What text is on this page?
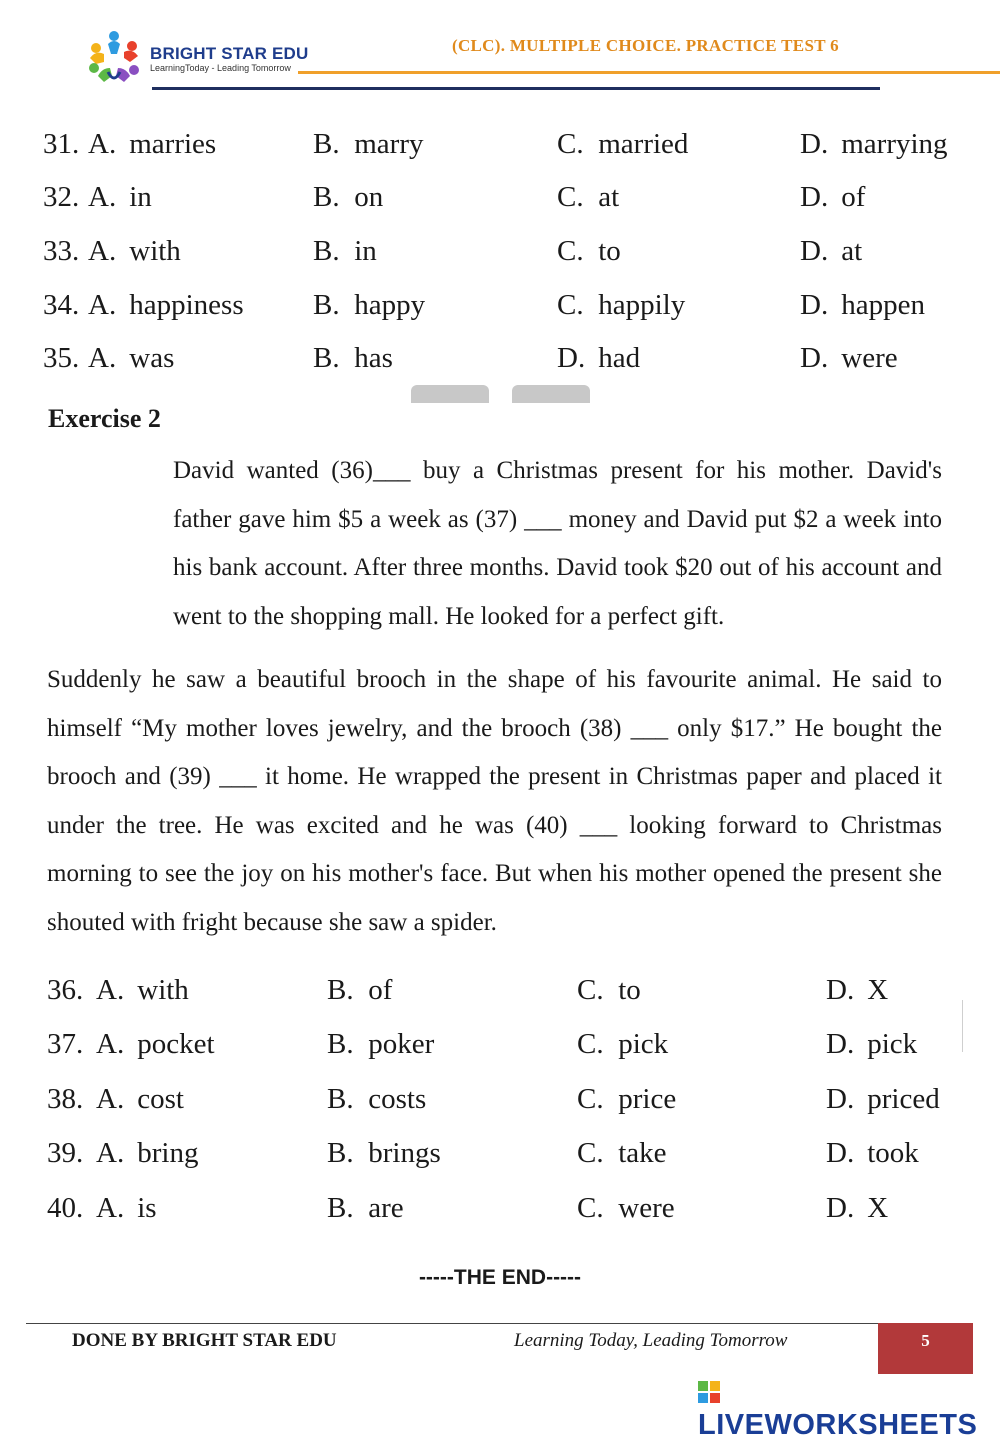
BRIGHT STAR EDU
LearningToday - Leading Tomorrow
(CLC). MULTIPLE CHOICE. PRACTICE TEST 6
31. A. marries	B. marry	C. married	D. marrying
32. A. in	B. on	C. at	D. of
33. A. with	B. in	C. to	D. at
34. A. happiness B. happy	C. happily	D. happen
35. A. was	B. has	D. had	D. were
Exercise 2

David wanted (36)___ buy a Christmas present for his mother. David's father gave him $5 a week as (37) ___ money and David put $2 a week into his bank account. After three months. David took $20 out of his account and went to the shopping mall. He looked for a perfect gift.

Suddenly he saw a beautiful brooch in the shape of his favourite animal. He said to himself “My mother loves jewelry, and the brooch (38) ___ only $17.” He bought the brooch and (39) ___ it home. He wrapped the present in Christmas paper and placed it under the tree. He was excited and he was (40) ___ looking forward to Christmas morning to see the joy on his mother's face. But when his mother opened the present she shouted with fright because she saw a spider.

36. A. with	B. of	C. to	D. X
37. A. pocket	B. poker	C. pick	D. pick
38. A. cost	B. costs	C. price	D. priced
39. A. bring	B. brings	C. take	D. took
40. A. is	B. are	C. were	D. X
-----THE END-----
DONE BY BRIGHT STAR EDU	Learning Today, Leading Tomorrow	5
LIVEWORKSHEETS
